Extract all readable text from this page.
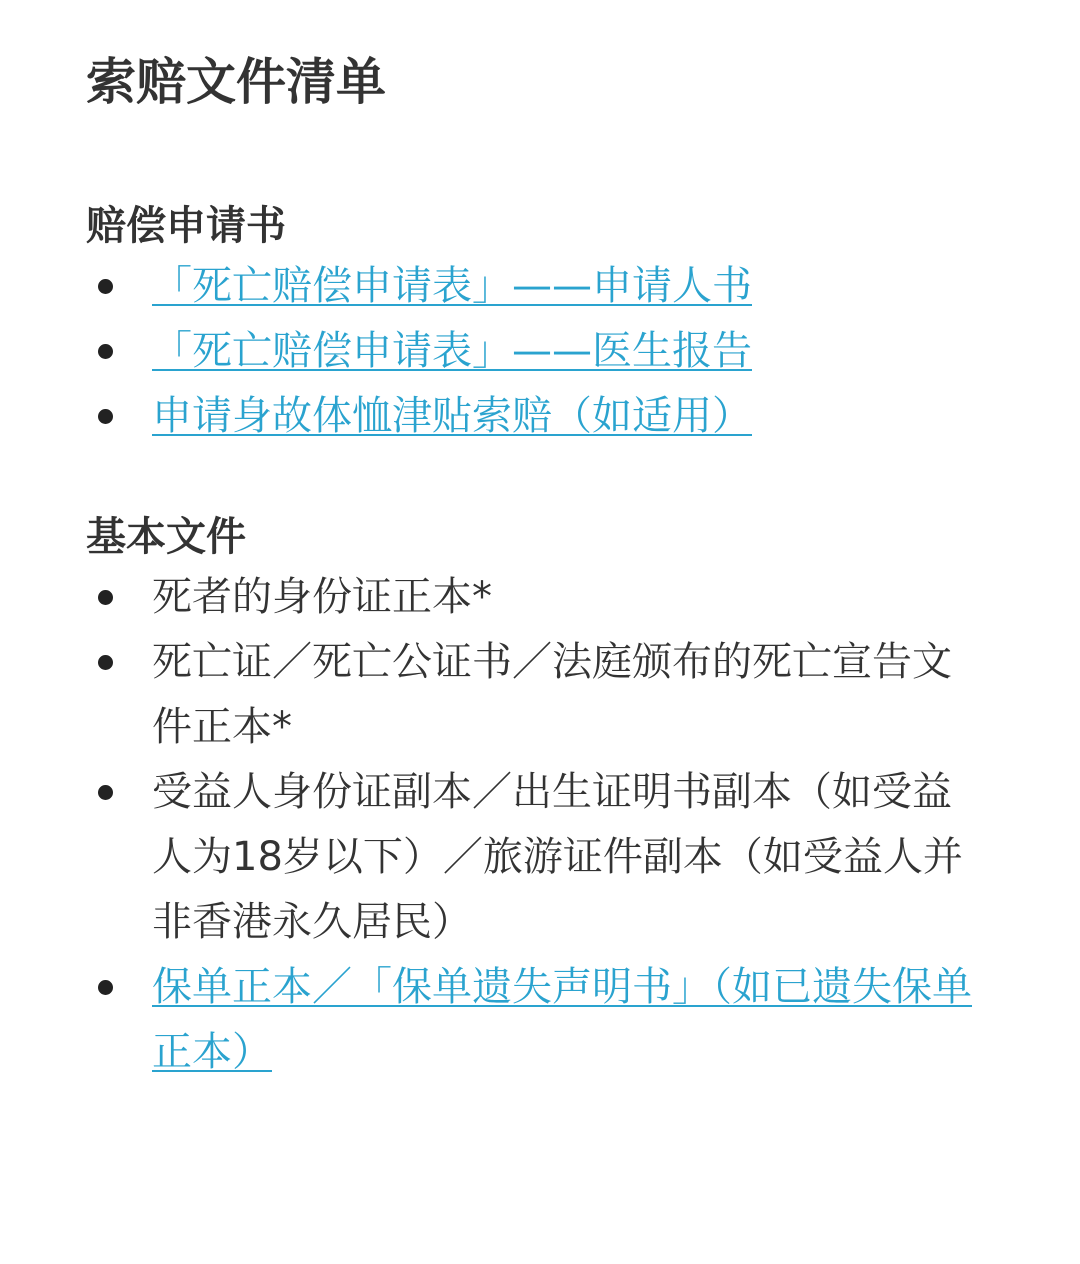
索赔文件清单
赔偿申请书
「死亡赔偿申请表」——申请人书
「死亡赔偿申请表」——医生报告
申请身故体恤津贴索赔（如适用）
基本文件
死者的身份证正本*
死亡证／死亡公证书／法庭颁布的死亡宣告文件正本*
受益人身份证副本／出生证明书副本（如受益人为18岁以下）／旅游证件副本（如受益人并非香港永久居民）
保单正本／「保单遗失声明书」（如已遗失保单正本）
